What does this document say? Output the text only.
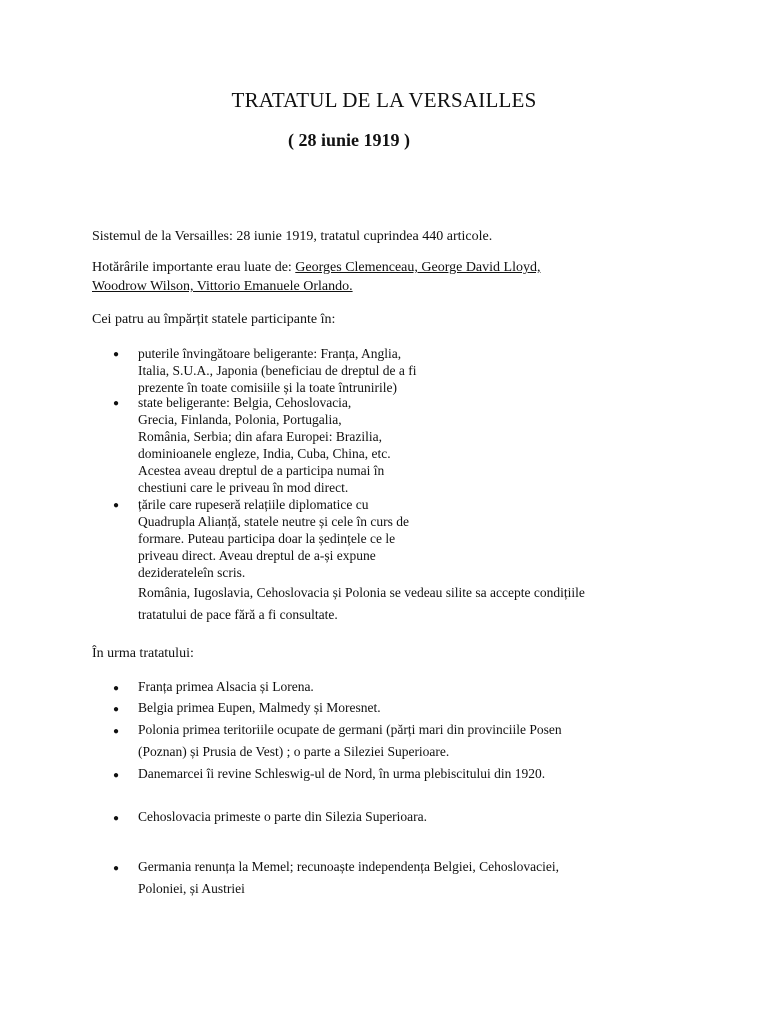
TRATATUL DE LA VERSAILLES
( 28 iunie 1919 )
Sistemul de la Versailles: 28 iunie 1919, tratatul cuprindea 440 articole.
Hotărârile importante erau luate de: Georges Clemenceau, George David Lloyd,
Woodrow Wilson, Vittorio Emanuele Orlando.
Cei patru au împărțit statele participante în:
● puterile învingătoare beligerante: Franța, Anglia,
Italia, S.U.A., Japonia (beneficiau de dreptul de a fi
prezente în toate comisiile și la toate întrunirile)
● state beligerante: Belgia, Cehoslovacia,
Grecia, Finlanda, Polonia, Portugalia,
România, Serbia; din afara Europei: Brazilia,
dominioanele engleze, India, Cuba, China, etc.
Acestea aveau dreptul de a participa numai în
chestiuni care le priveau în mod direct.
● țările care rupeseră relațiile diplomatice cu
Quadrupla Alianță, statele neutre și cele în curs de
formare. Puteau participa doar la ședințele ce le
priveau direct. Aveau dreptul de a-și expune
deziderateleîn scris.
România, Iugoslavia, Cehoslovacia și Polonia se vedeau silite sa accepte condițiile
tratatului de pace fără a fi consultate.
În urma tratatului:
● Franța primea Alsacia și Lorena.
● Belgia primea Eupen, Malmedy și Moresnet.
● Polonia primea teritoriile ocupate de germani (părți mari din provinciile Posen
(Poznan) și Prusia de Vest) ; o parte a Sileziei Superioare.
● Danemarcei îi revine Schleswig-ul de Nord, în urma plebiscitului din 1920.
● Cehoslovacia primeste o parte din Silezia Superioara.
● Germania renunța la Memel; recunoaște independența Belgiei, Cehoslovaciei,
Poloniei, și Austriei
